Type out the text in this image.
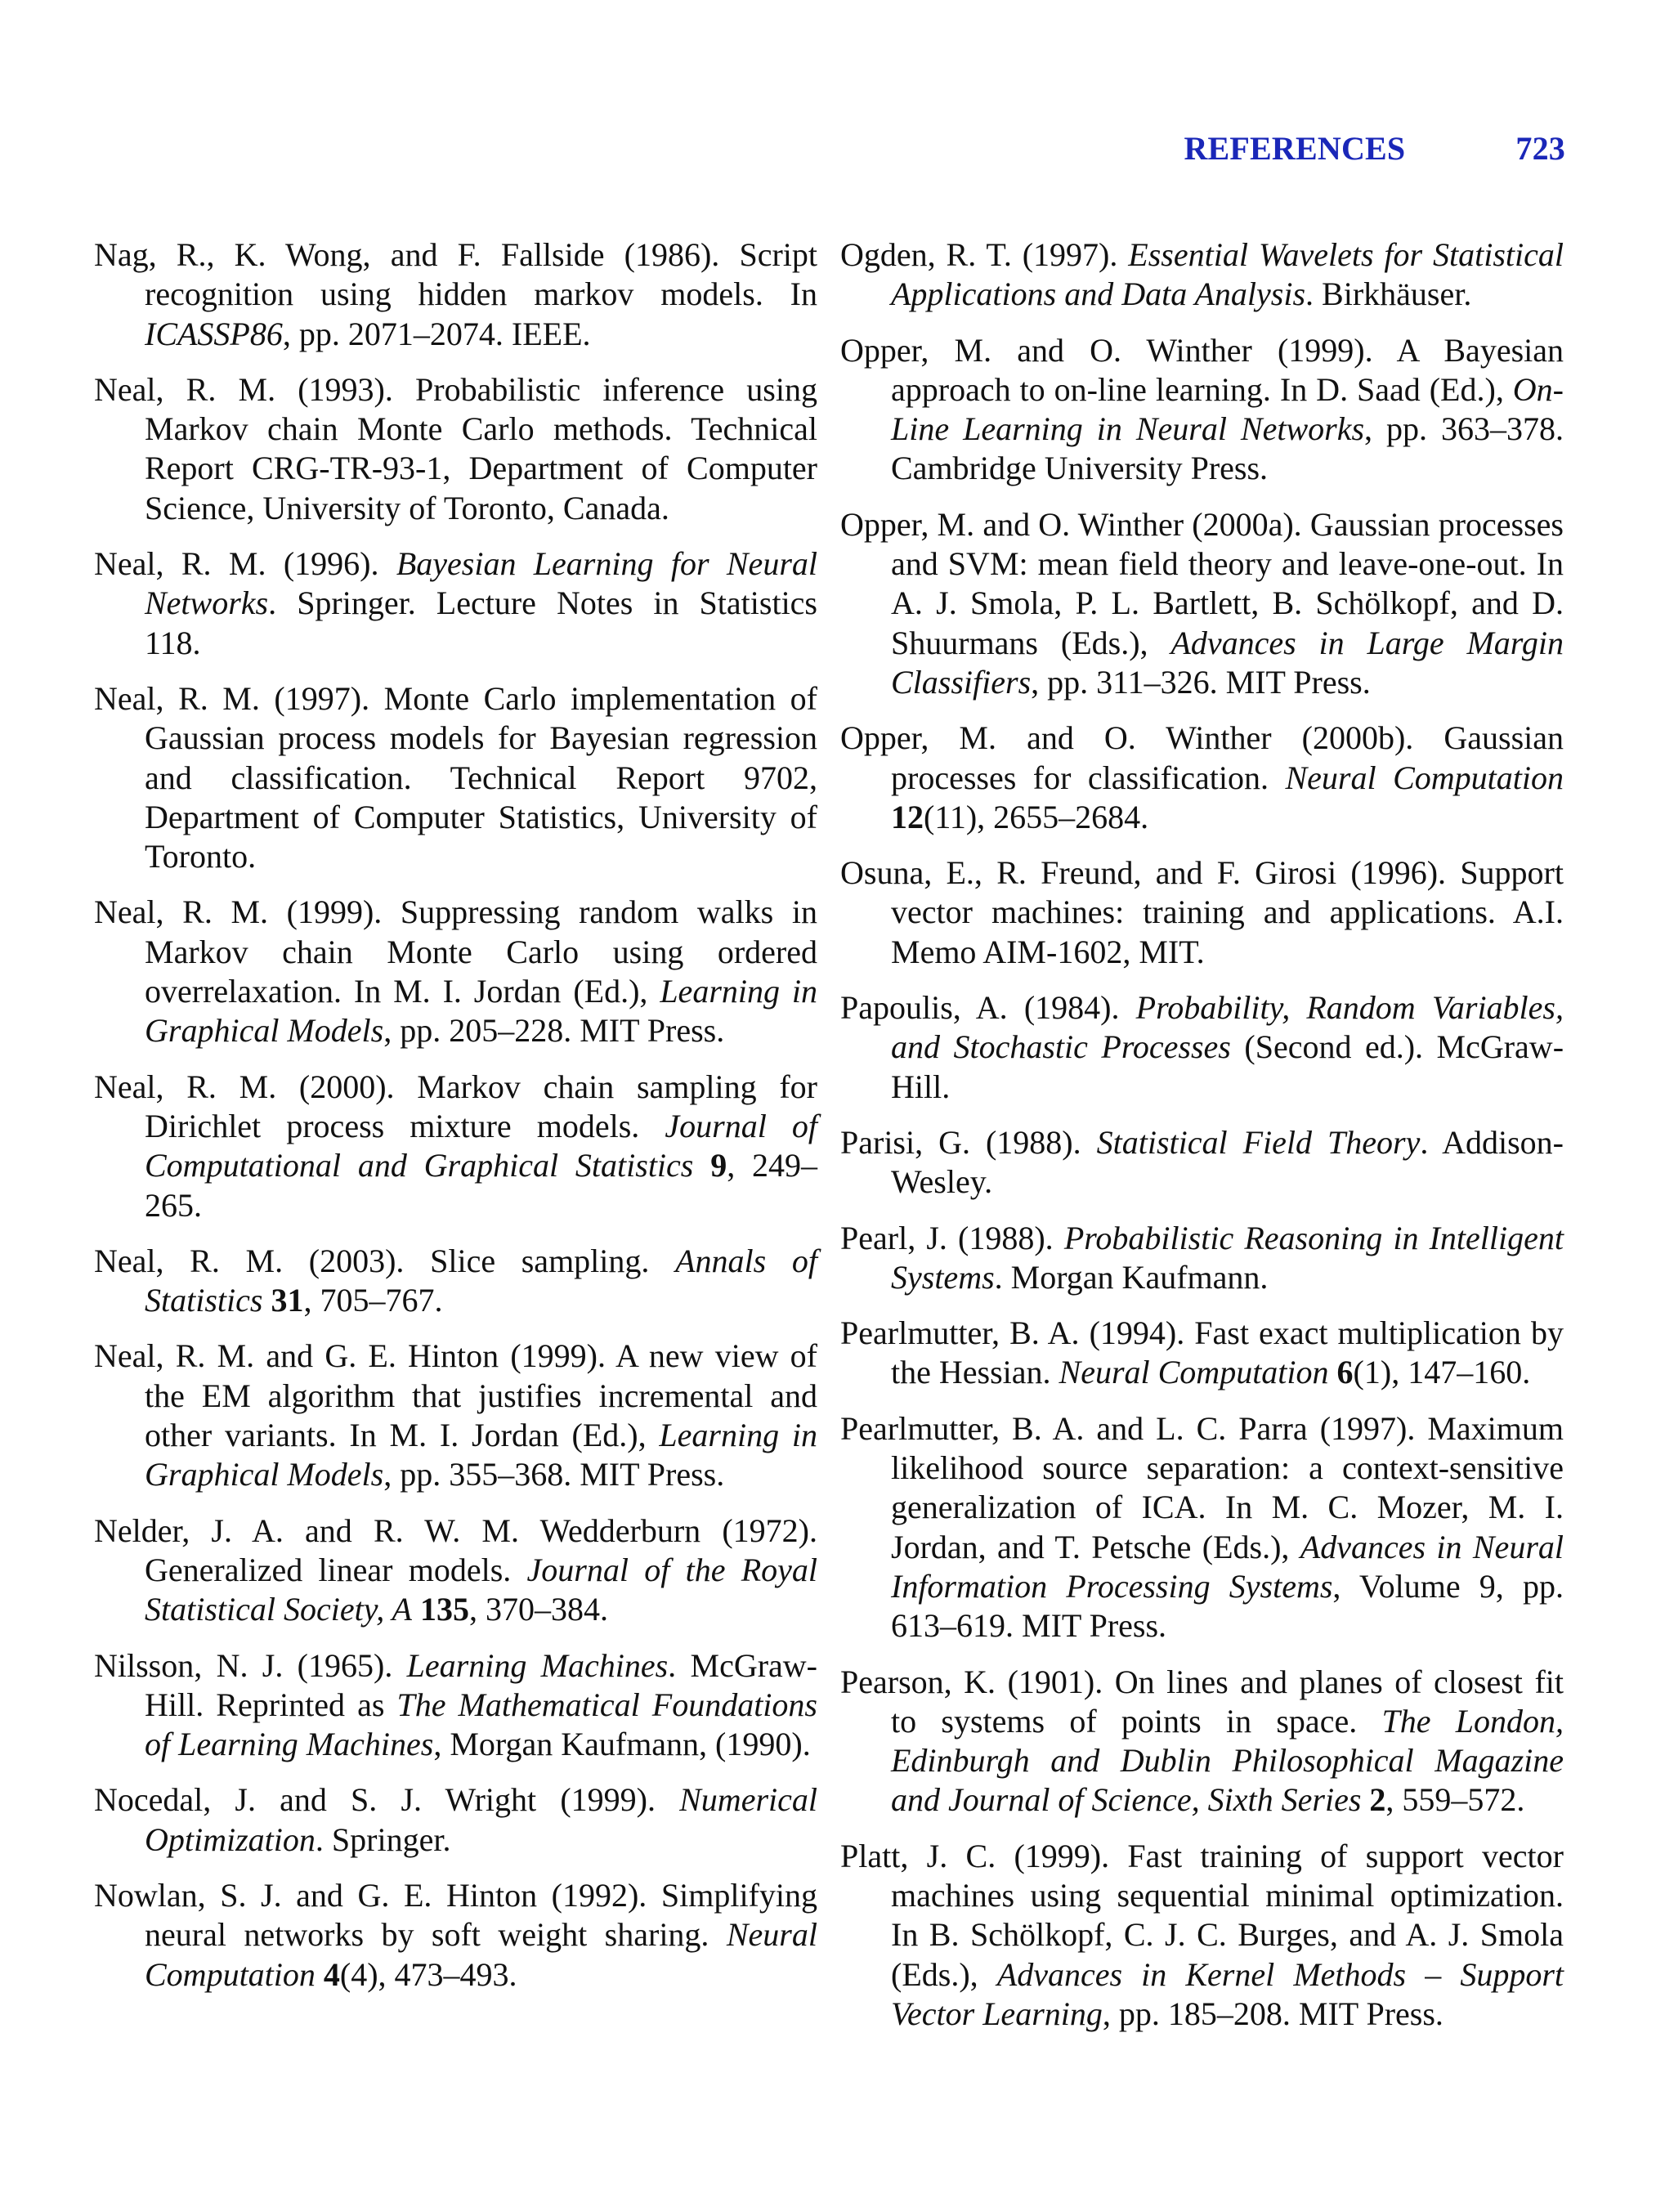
REFERENCES	723

Nag, R., K. Wong, and F. Fallside (1986). Script recognition using hidden markov models. In ICASSP86, pp. 2071–2074. IEEE.

Neal, R. M. (1993). Probabilistic inference using Markov chain Monte Carlo methods. Technical Report CRG-TR-93-1, Department of Computer Science, University of Toronto, Canada.

Neal, R. M. (1996). Bayesian Learning for Neural Networks. Springer. Lecture Notes in Statistics 118.

Neal, R. M. (1997). Monte Carlo implementation of Gaussian process models for Bayesian regression and classification. Technical Report 9702, Department of Computer Statistics, University of Toronto.

Neal, R. M. (1999). Suppressing random walks in Markov chain Monte Carlo using ordered overrelaxation. In M. I. Jordan (Ed.), Learning in Graphical Models, pp. 205–228. MIT Press.

Neal, R. M. (2000). Markov chain sampling for Dirichlet process mixture models. Journal of Computational and Graphical Statistics 9, 249–265.

Neal, R. M. (2003). Slice sampling. Annals of Statistics 31, 705–767.

Neal, R. M. and G. E. Hinton (1999). A new view of the EM algorithm that justifies incremental and other variants. In M. I. Jordan (Ed.), Learning in Graphical Models, pp. 355–368. MIT Press.

Nelder, J. A. and R. W. M. Wedderburn (1972). Generalized linear models. Journal of the Royal Statistical Society, A 135, 370–384.

Nilsson, N. J. (1965). Learning Machines. McGraw-Hill. Reprinted as The Mathematical Foundations of Learning Machines, Morgan Kaufmann, (1990).

Nocedal, J. and S. J. Wright (1999). Numerical Optimization. Springer.

Nowlan, S. J. and G. E. Hinton (1992). Simplifying neural networks by soft weight sharing. Neural Computation 4(4), 473–493.

Ogden, R. T. (1997). Essential Wavelets for Statistical Applications and Data Analysis. Birkhäuser.

Opper, M. and O. Winther (1999). A Bayesian approach to on-line learning. In D. Saad (Ed.), On-Line Learning in Neural Networks, pp. 363–378. Cambridge University Press.

Opper, M. and O. Winther (2000a). Gaussian processes and SVM: mean field theory and leave-one-out. In A. J. Smola, P. L. Bartlett, B. Schölkopf, and D. Shuurmans (Eds.), Advances in Large Margin Classifiers, pp. 311–326. MIT Press.

Opper, M. and O. Winther (2000b). Gaussian processes for classification. Neural Computation 12(11), 2655–2684.

Osuna, E., R. Freund, and F. Girosi (1996). Support vector machines: training and applications. A.I. Memo AIM-1602, MIT.

Papoulis, A. (1984). Probability, Random Variables, and Stochastic Processes (Second ed.). McGraw-Hill.

Parisi, G. (1988). Statistical Field Theory. Addison-Wesley.

Pearl, J. (1988). Probabilistic Reasoning in Intelligent Systems. Morgan Kaufmann.

Pearlmutter, B. A. (1994). Fast exact multiplication by the Hessian. Neural Computation 6(1), 147–160.

Pearlmutter, B. A. and L. C. Parra (1997). Maximum likelihood source separation: a context-sensitive generalization of ICA. In M. C. Mozer, M. I. Jordan, and T. Petsche (Eds.), Advances in Neural Information Processing Systems, Volume 9, pp. 613–619. MIT Press.

Pearson, K. (1901). On lines and planes of closest fit to systems of points in space. The London, Edinburgh and Dublin Philosophical Magazine and Journal of Science, Sixth Series 2, 559–572.

Platt, J. C. (1999). Fast training of support vector machines using sequential minimal optimization. In B. Schölkopf, C. J. C. Burges, and A. J. Smola (Eds.), Advances in Kernel Methods – Support Vector Learning, pp. 185–208. MIT Press.
